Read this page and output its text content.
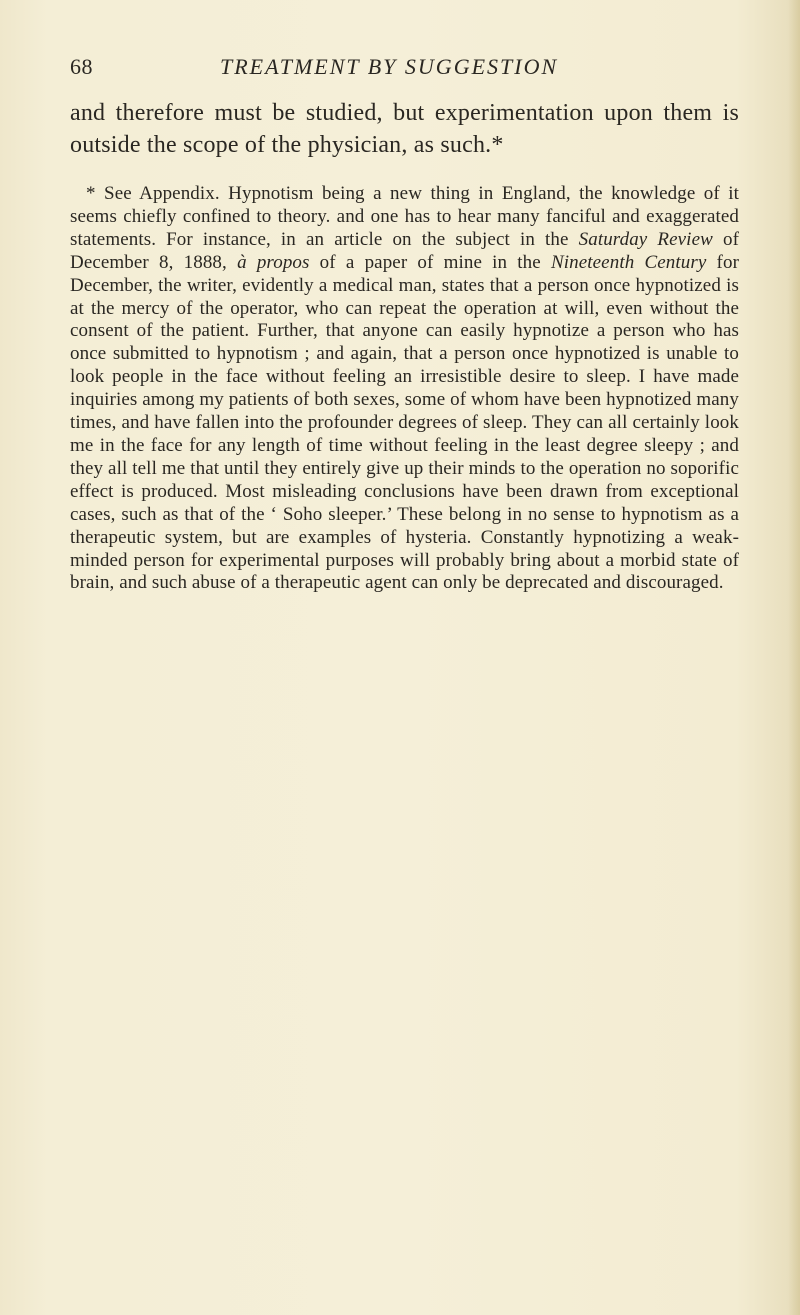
68	TREATMENT BY SUGGESTION

and therefore must be studied, but experimentation upon them is outside the scope of the physician, as such.*

* See Appendix. Hypnotism being a new thing in England, the knowledge of it seems chiefly confined to theory. and one has to hear many fanciful and exaggerated statements. For instance, in an article on the subject in the Saturday Review of December 8, 1888, à propos of a paper of mine in the Nineteenth Century for December, the writer, evidently a medical man, states that a person once hypnotized is at the mercy of the operator, who can repeat the operation at will, even without the consent of the patient. Further, that anyone can easily hypnotize a person who has once submitted to hypnotism ; and again, that a person once hypnotized is unable to look people in the face without feeling an irresistible desire to sleep. I have made inquiries among my patients of both sexes, some of whom have been hypnotized many times, and have fallen into the profounder degrees of sleep. They can all certainly look me in the face for any length of time without feeling in the least degree sleepy ; and they all tell me that until they entirely give up their minds to the operation no soporific effect is produced. Most misleading conclusions have been drawn from exceptional cases, such as that of the ‘ Soho sleeper.’ These belong in no sense to hypnotism as a therapeutic system, but are examples of hysteria. Constantly hypnotizing a weak-minded person for experimental purposes will probably bring about a morbid state of brain, and such abuse of a therapeutic agent can only be deprecated and discouraged.
